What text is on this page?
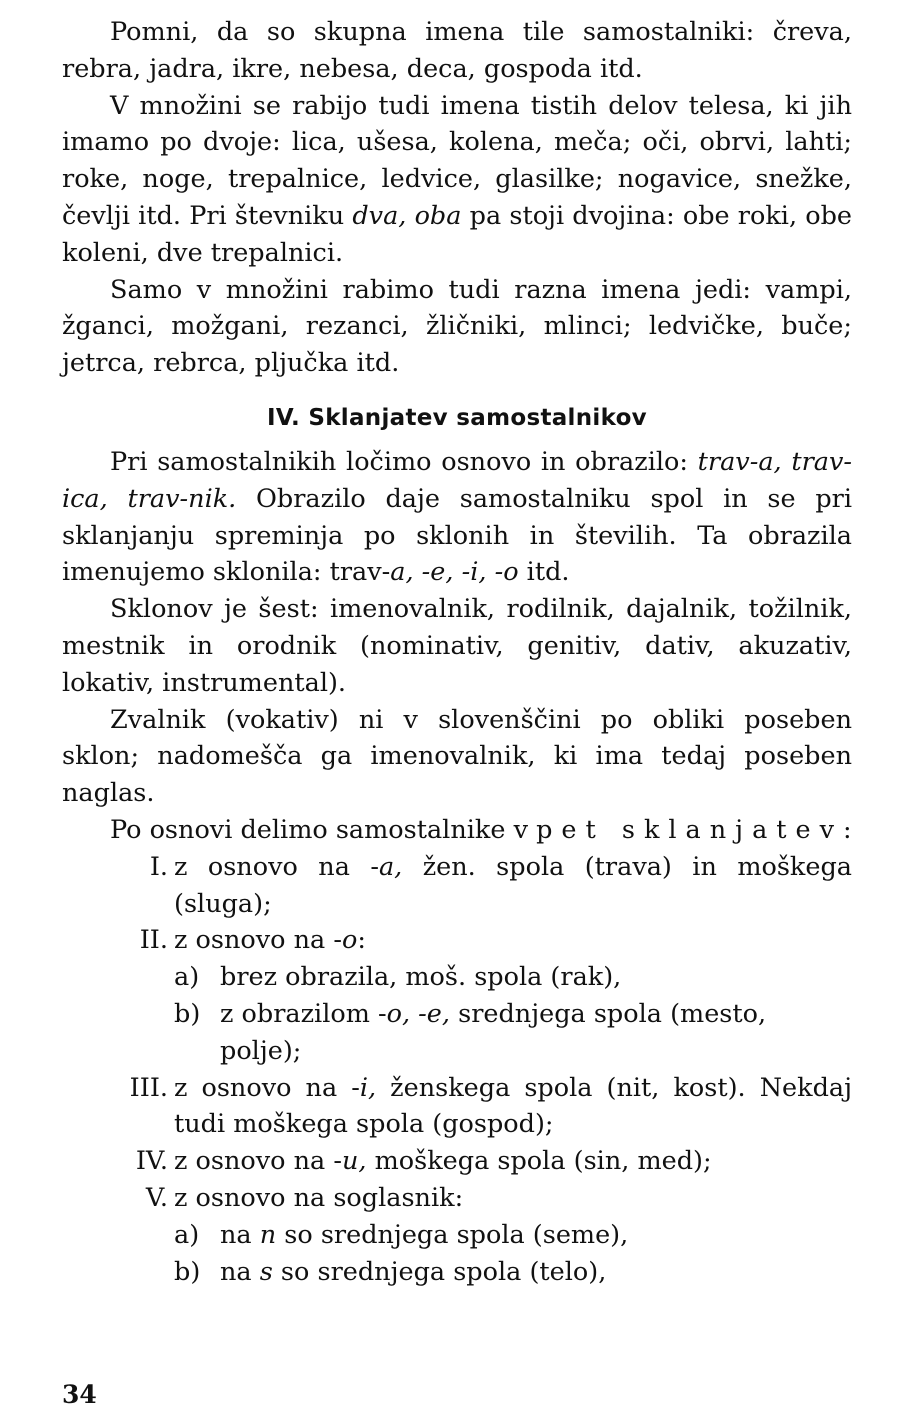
Pomni, da so skupna imena tile samostalniki: čreva, rebra, jadra, ikre, nebesa, deca, gospoda itd.

V množini se rabijo tudi imena tistih delov telesa, ki jih imamo po dvoje: lica, ušesa, kolena, meča; oči, obrvi, lahti; roke, noge, trepalnice, ledvice, glasilke; nogavice, snežke, čevlji itd. Pri števniku dva, oba pa stoji dvojina: obe roki, obe koleni, dve trepalnici.

Samo v množini rabimo tudi razna imena jedi: vampi, žganci, možgani, rezanci, žličniki, mlinci; ledvičke, buče; jetrca, rebrca, pljučka itd.

IV. Sklanjatev samostalnikov

Pri samostalnikih ločimo osnovo in obrazilo: trav-a, trav-ica, trav-nik. Obrazilo daje samostalniku spol in se pri sklanjanju spreminja po sklonih in številih. Ta obrazila imenujemo sklonila: trav-a, -e, -i, -o itd.

Sklonov je šest: imenovalnik, rodilnik, dajalnik, tožilnik, mestnik in orodnik (nominativ, genitiv, dativ, akuzativ, lokativ, instrumental).

Zvalnik (vokativ) ni v slovenščini po obliki poseben sklon; nadomešča ga imenovalnik, ki ima tedaj poseben naglas.

Po osnovi delimo samostalnike v pet sklanjatev:

I. z osnovo na -a, žen. spola (trava) in moškega (sluga);
II. z osnovo na -o:
a) brez obrazila, moš. spola (rak),
b) z obrazilom -o, -e, srednjega spola (mesto, polje);
III. z osnovo na -i, ženskega spola (nit, kost). Nekdaj tudi moškega spola (gospod);
IV. z osnovo na -u, moškega spola (sin, med);
V. z osnovo na soglasnik:
a) na n so srednjega spola (seme),
b) na s so srednjega spola (telo),
34
